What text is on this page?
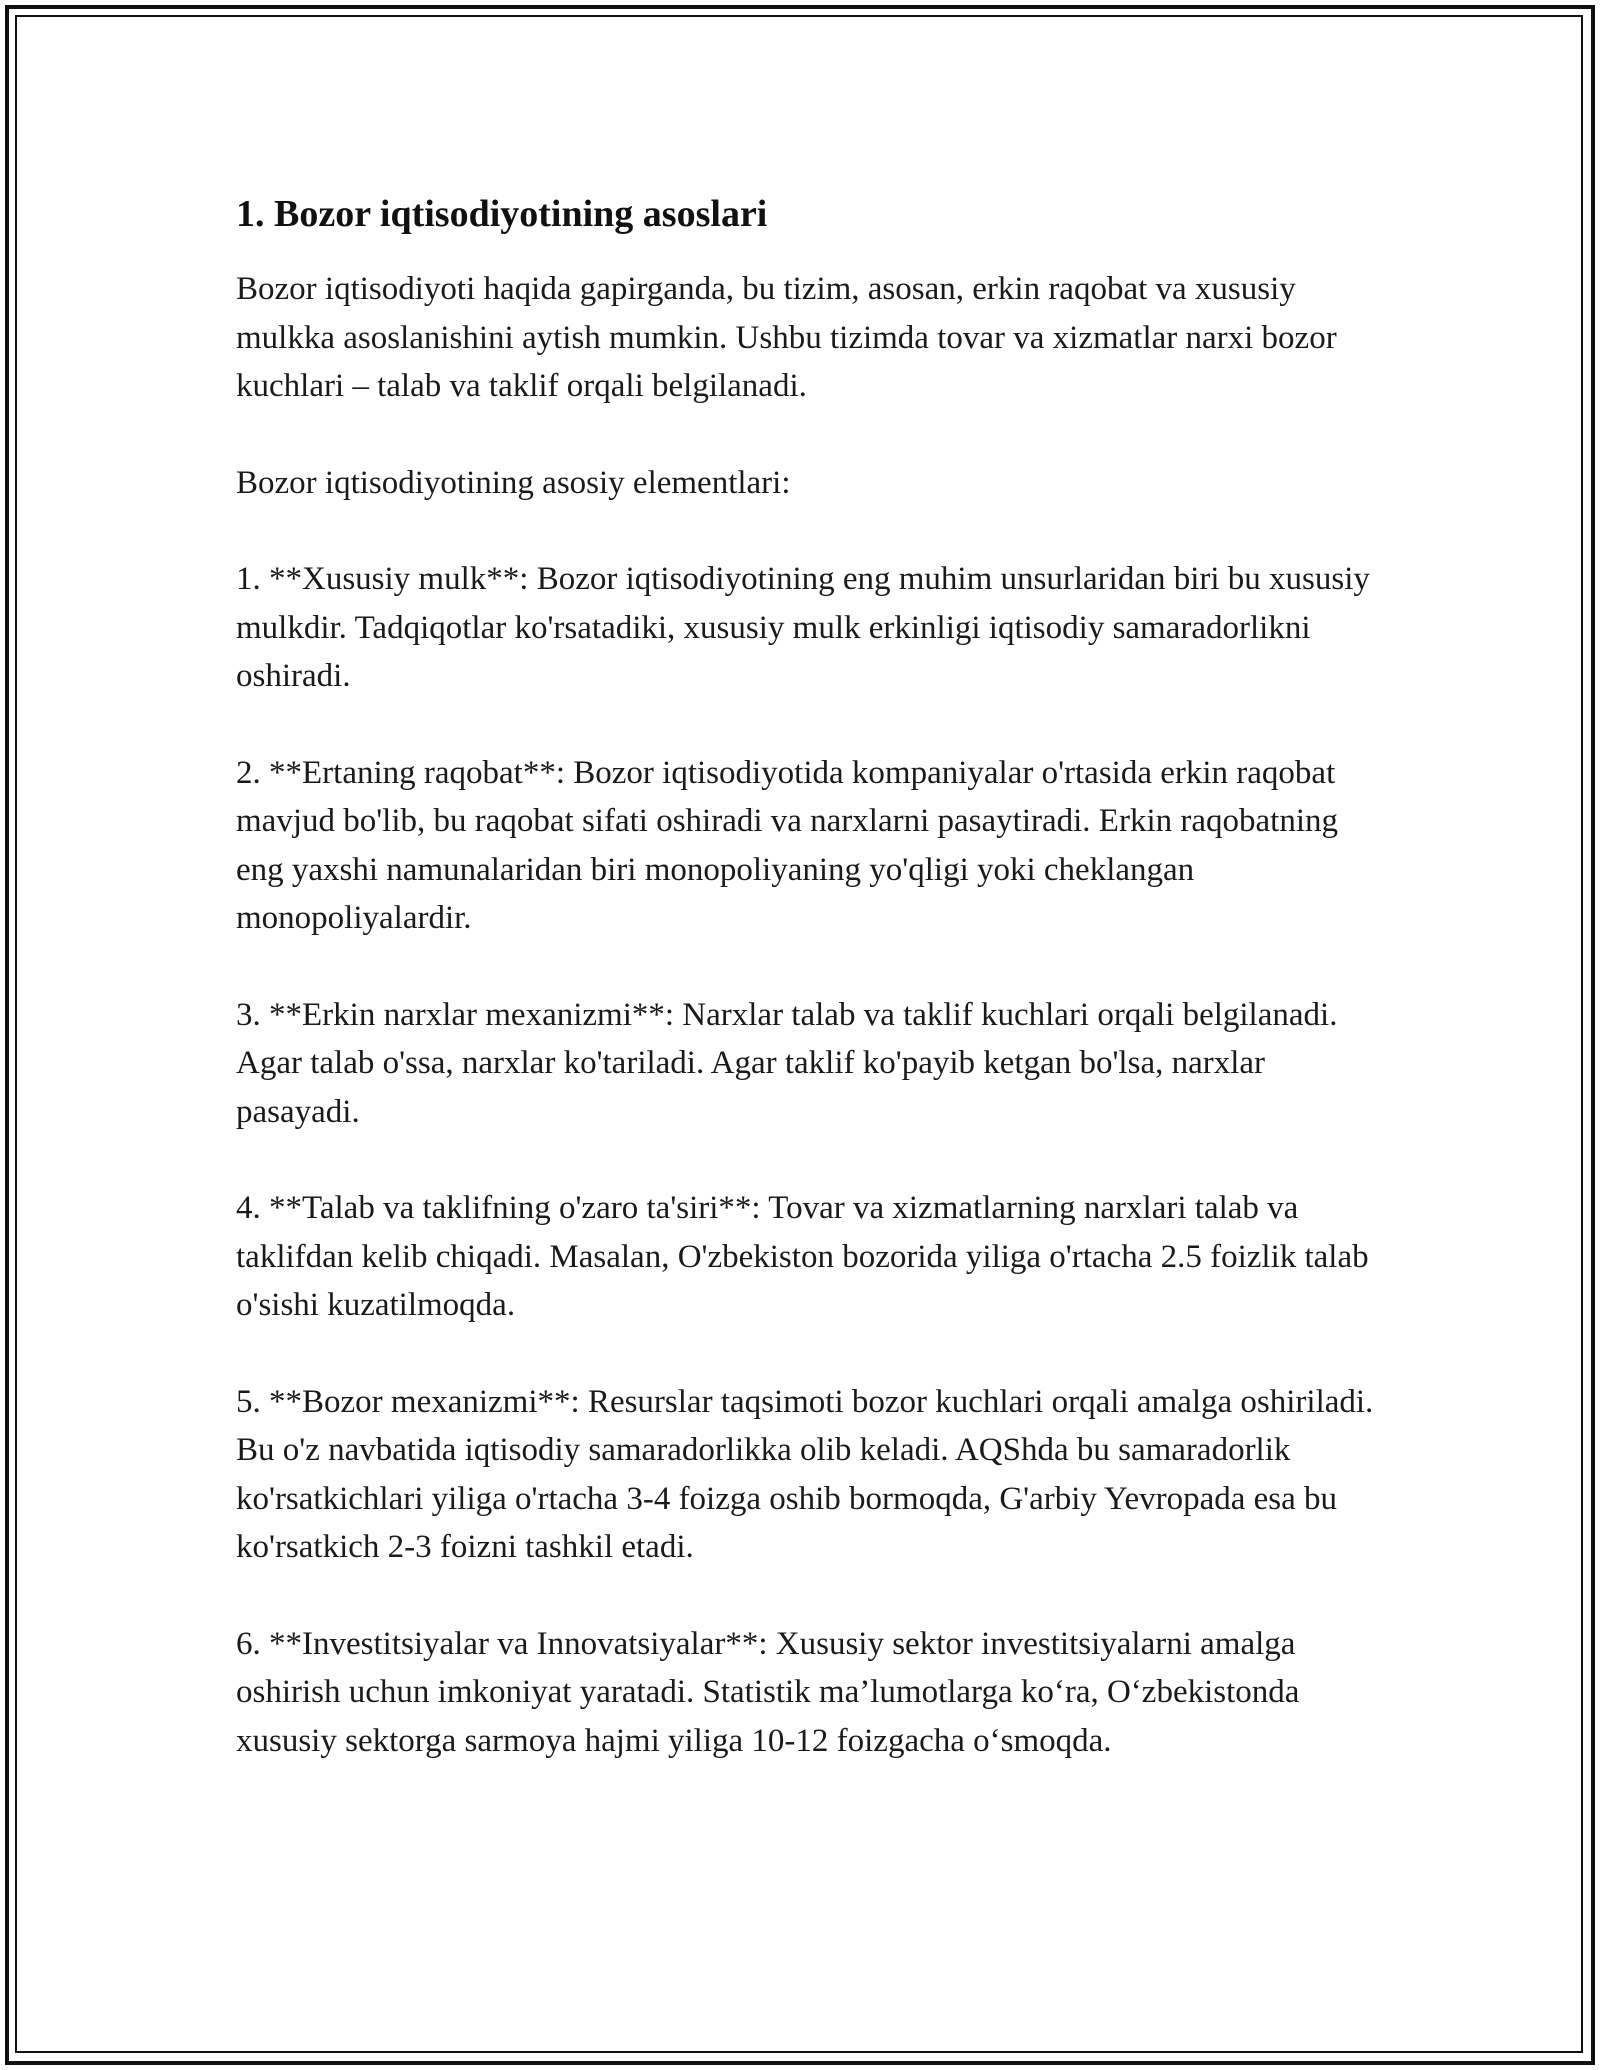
1. Bozor iqtisodiyotining asoslari

Bozor iqtisodiyoti haqida gapirganda, bu tizim, asosan, erkin raqobat va xususiy mulkka asoslanishini aytish mumkin. Ushbu tizimda tovar va xizmatlar narxi bozor kuchlari – talab va taklif orqali belgilanadi.

Bozor iqtisodiyotining asosiy elementlari:

1. **Xususiy mulk**: Bozor iqtisodiyotining eng muhim unsurlaridan biri bu xususiy mulkdir. Tadqiqotlar ko'rsatadiki, xususiy mulk erkinligi iqtisodiy samaradorlikni oshiradi.

2. **Ertaning raqobat**: Bozor iqtisodiyotida kompaniyalar o'rtasida erkin raqobat mavjud bo'lib, bu raqobat sifati oshiradi va narxlarni pasaytiradi. Erkin raqobatning eng yaxshi namunalaridan biri monopoliyaning yo'qligi yoki cheklangan monopoliyalardir.

3. **Erkin narxlar mexanizmi**: Narxlar talab va taklif kuchlari orqali belgilanadi. Agar talab o'ssa, narxlar ko'tariladi. Agar taklif ko'payib ketgan bo'lsa, narxlar pasayadi.

4. **Talab va taklifning o'zaro ta'siri**: Tovar va xizmatlarning narxlari talab va taklifdan kelib chiqadi. Masalan, O'zbekiston bozorida yiliga o'rtacha 2.5 foizlik talab o'sishi kuzatilmoqda.

5. **Bozor mexanizmi**: Resurslar taqsimoti bozor kuchlari orqali amalga oshiriladi. Bu o'z navbatida iqtisodiy samaradorlikka olib keladi. AQShda bu samaradorlik ko'rsatkichlari yiliga o'rtacha 3-4 foizga oshib bormoqda, G'arbiy Yevropada esa bu ko'rsatkich 2-3 foizni tashkil etadi.

6. **Investitsiyalar va Innovatsiyalar**: Xususiy sektor investitsiyalarni amalga oshirish uchun imkoniyat yaratadi. Statistik ma’lumotlarga ko‘ra, O‘zbekistonda xususiy sektorga sarmoya hajmi yiliga 10-12 foizgacha o‘smoqda.
